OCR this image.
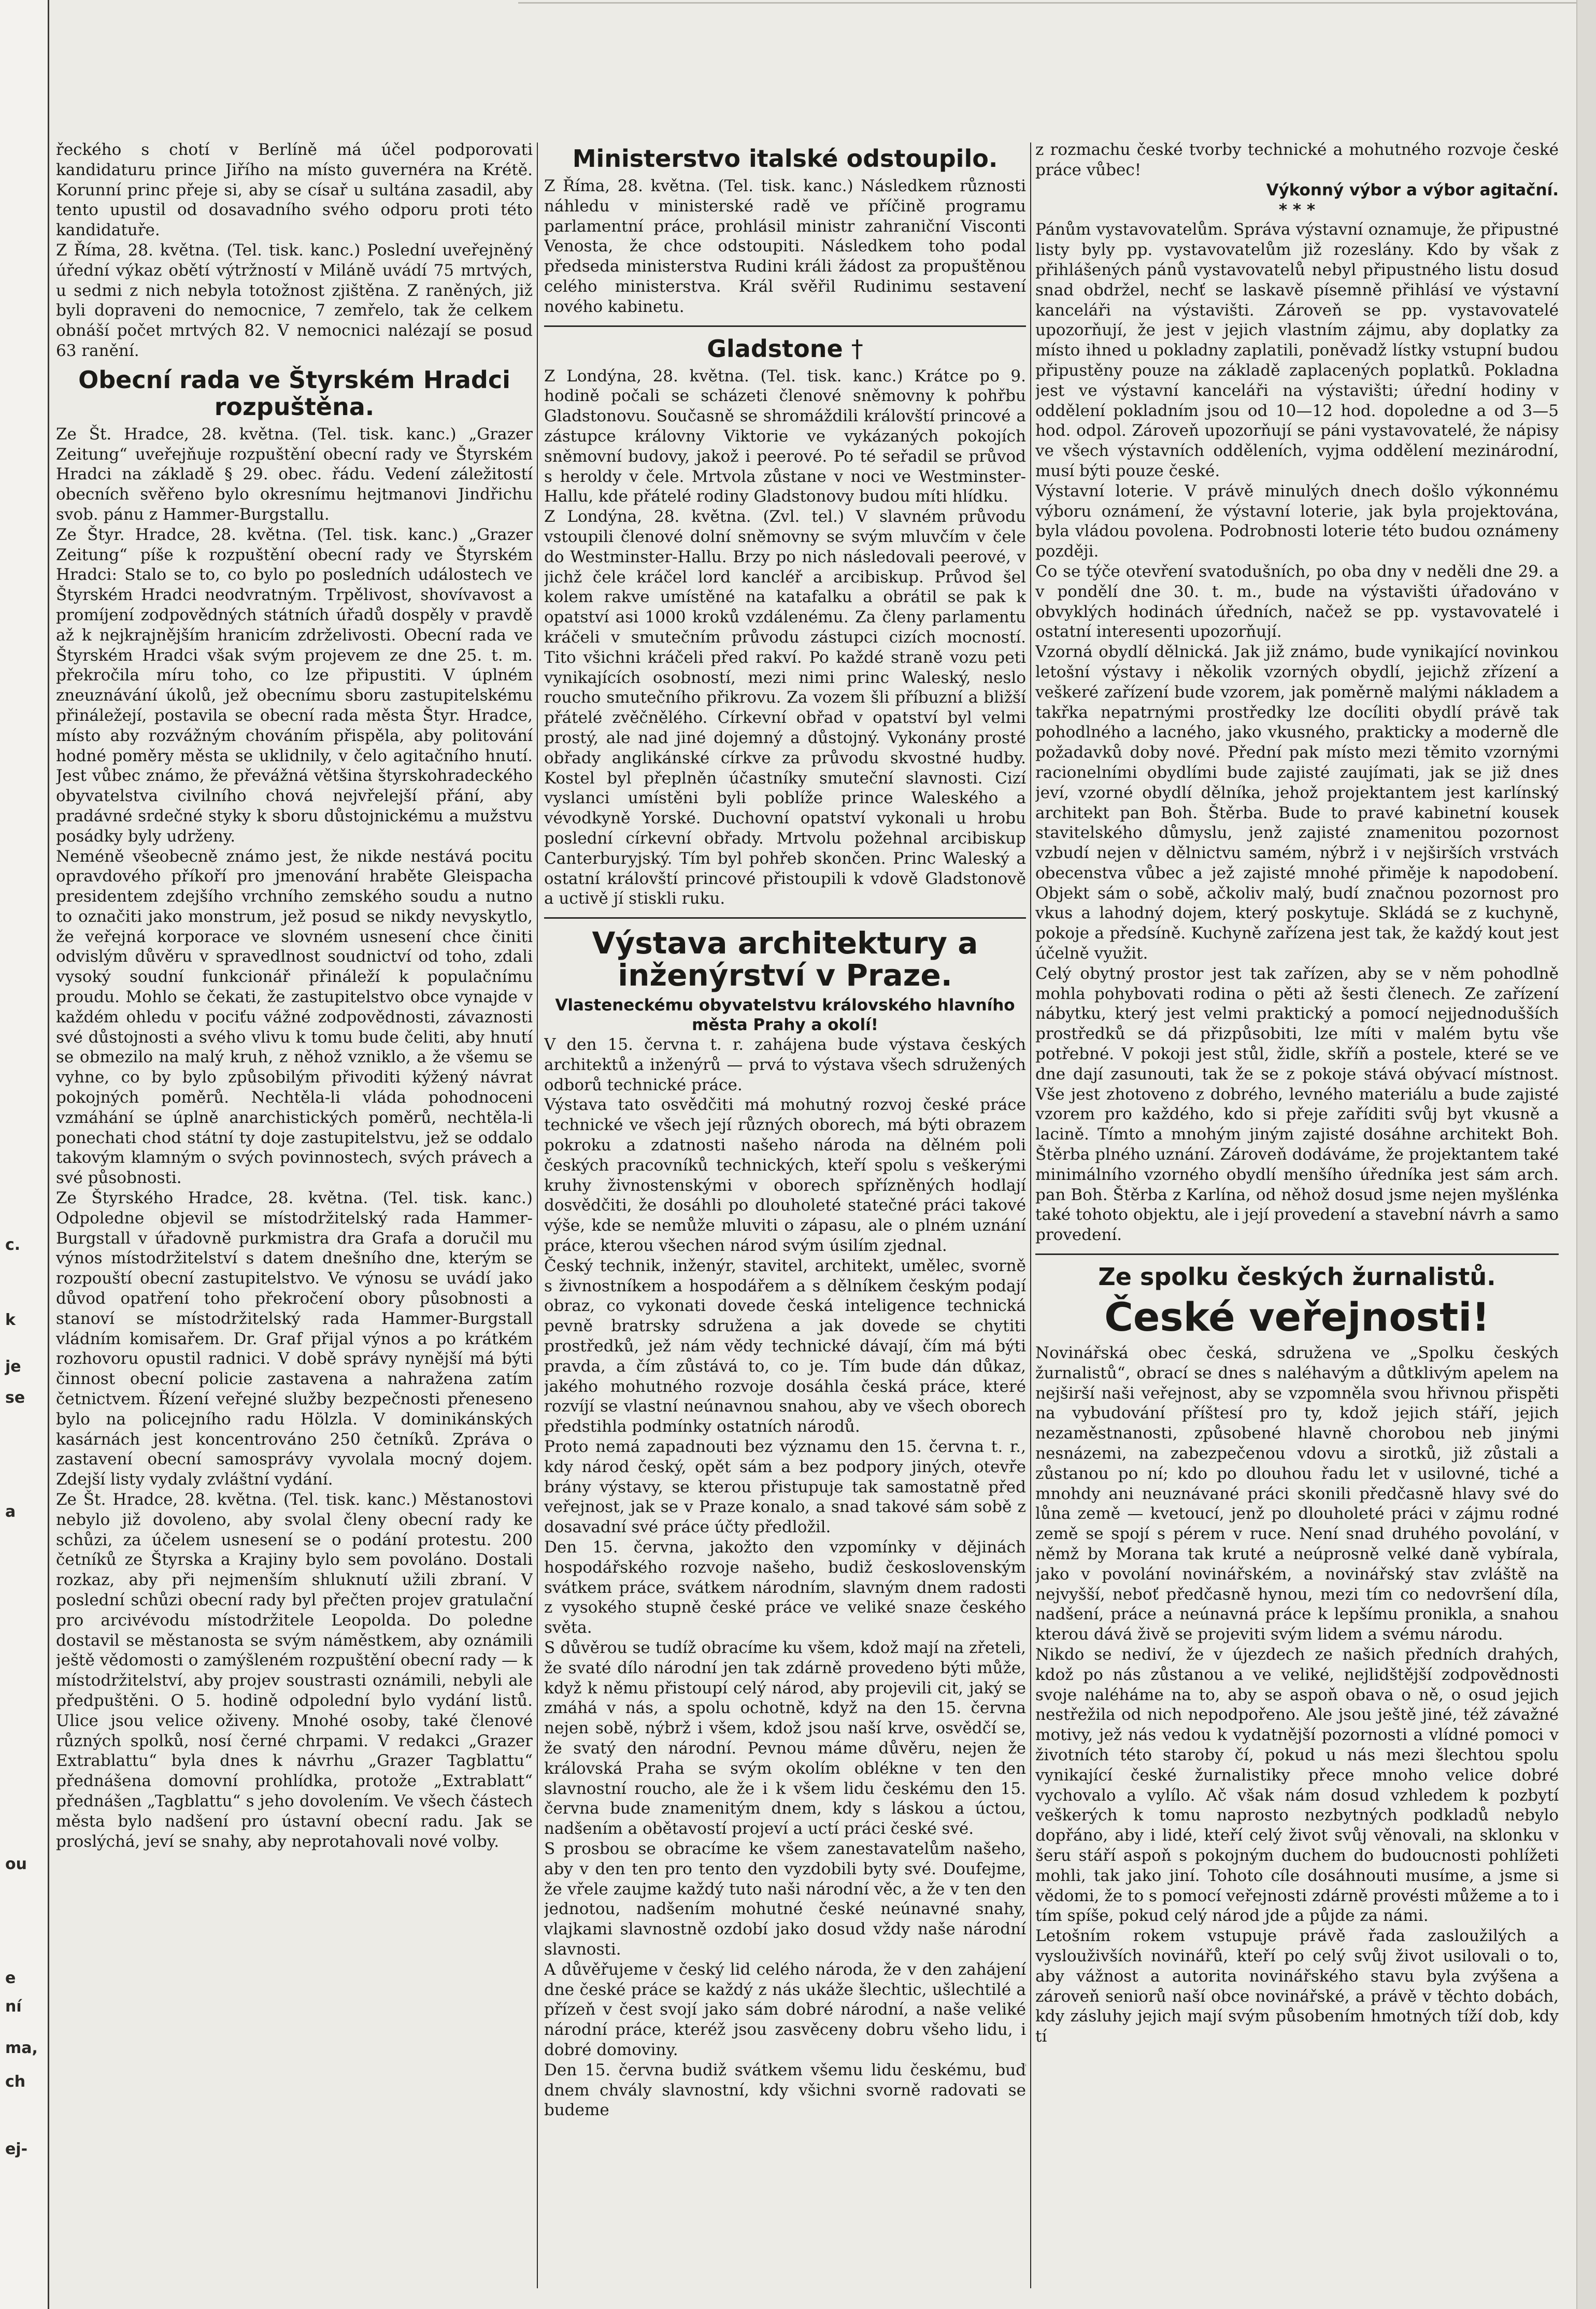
c.
k
je
se
a
ou
e
ní
ma,
ch
ej-

řeckého s chotí v Berlíně má účel podporovati kandidaturu prince Jiřího na místo guvernéra na Krétě. Korunní princ přeje si, aby se císař u sultána zasadil, aby tento upustil od dosavadního svého odporu proti této kandidatuře.

Z Říma, 28. května. (Tel. tisk. kanc.) Poslední uveřejněný úřední výkaz obětí výtržností v Miláně uvádí 75 mrtvých, u sedmi z nich nebyla totožnost zjištěna. Z raněných, již byli dopraveni do nemocnice, 7 zemřelo, tak že celkem obnáší počet mrtvých 82. V nemocnici nalézají se posud 63 ranění.

Obecní rada ve Štyrském Hradci rozpuštěna.

Ze Št. Hradce, 28. května. (Tel. tisk. kanc.) „Grazer Zeitung“ uveřejňuje rozpuštění obecní rady ve Štyrském Hradci na základě § 29. obec. řádu. Vedení záležitostí obecních svěřeno bylo okresnímu hejtmanovi Jindřichu svob. pánu z Hammer-Burgstallu.

Ze Štyr. Hradce, 28. května. (Tel. tisk. kanc.) „Grazer Zeitung“ píše k rozpuštění obecní rady ve Štyrském Hradci: Stalo se to, co bylo po posledních událostech ve Štyrském Hradci neodvratným. Trpělivost, shovívavost a promíjení zodpovědných státních úřadů dospěly v pravdě až k nejkrajnějším hranicím zdrželivosti. Obecní rada ve Štyrském Hradci však svým projevem ze dne 25. t. m. překročila míru toho, co lze připustiti. V úplném zneuznávání úkolů, jež obecnímu sboru zastupitelskému přináležejí, postavila se obecní rada města Štyr. Hradce, místo aby rozvážným chováním přispěla, aby politování hodné poměry města se uklidnily, v čelo agitačního hnutí. Jest vůbec známo, že převážná většina štyrskohradeckého obyvatelstva civilního chová nejvřelejší přání, aby pradávné srdečné styky k sboru důstojnickému a mužstvu posádky byly udrženy.

Neméně všeobecně známo jest, že nikde nestává pocitu opravdového příkoří pro jmenování hraběte Gleispacha presidentem zdejšího vrchního zemského soudu a nutno to označiti jako monstrum, jež posud se nikdy nevyskytlo, že veřejná korporace ve slovném usnesení chce činiti odvislým důvěru v spravedlnost soudnictví od toho, zdali vysoký soudní funkcionář přináleží k populačnímu proudu. Mohlo se čekati, že zastupitelstvo obce vynajde v každém ohledu v pociťu vážné zodpovědnosti, závaznosti své důstojnosti a svého vlivu k tomu bude čeliti, aby hnutí se obmezilo na malý kruh, z něhož vzniklo, a že všemu se vyhne, co by bylo způsobilým přivoditi kýžený návrat pokojných poměrů. Nechtěla-li vláda pohodnoceni vzmáhání se úplně anarchistických poměrů, nechtěla-li ponechati chod státní ty doje zastupitelstvu, jež se oddalo takovým klamným o svých povinnostech, svých právech a své působnosti.

Ze Štyrského Hradce, 28. května. (Tel. tisk. kanc.) Odpoledne objevil se místodržitelský rada Hammer-Burgstall v úřadovně purkmistra dra Grafa a doručil mu výnos místodržitelství s datem dnešního dne, kterým se rozpouští obecní zastupitelstvo. Ve výnosu se uvádí jako důvod opatření toho překročení obory působnosti a stanoví se místodržitelský rada Hammer-Burgstall vládním komisařem. Dr. Graf přijal výnos a po krátkém rozhovoru opustil radnici. V době správy nynější má býti činnost obecní policie zastavena a nahražena zatím četnictvem. Řízení veřejné služby bezpečnosti přeneseno bylo na policejního radu Hölzla. V dominikánských kasárnách jest koncentrováno 250 četníků. Zpráva o zastavení obecní samosprávy vyvolala mocný dojem. Zdejší listy vydaly zvláštní vydání.

Ze Št. Hradce, 28. května. (Tel. tisk. kanc.) Městanostovi nebylo již dovoleno, aby svolal členy obecní rady ke schůzi, za účelem usnesení se o podání protestu. 200 četníků ze Štyrska a Krajiny bylo sem povoláno. Dostali rozkaz, aby při nejmenším shluknutí užili zbraní. V poslední schůzi obecní rady byl přečten projev gratulační pro arcivévodu místodržitele Leopolda. Do poledne dostavil se městanosta se svým náměstkem, aby oznámili ještě vědomosti o zamýšleném rozpuštění obecní rady — k místodržitelství, aby projev soustrasti oznámili, nebyli ale předpuštěni. O 5. hodině odpolední bylo vydání listů. Ulice jsou velice oživeny. Mnohé osoby, také členové různých spolků, nosí černé chrpami. V redakci „Grazer Extrablattu“ byla dnes k návrhu „Grazer Tagblattu“ přednášena domovní prohlídka, protože „Extrablatt“ přednášen „Tagblattu“ s jeho dovolením. Ve všech částech města bylo nadšení pro ústavní obecní radu. Jak se proslýchá, jeví se snahy, aby neprotahovali nové volby.

Ministerstvo italské odstoupilo.

Z Říma, 28. května. (Tel. tisk. kanc.) Následkem různosti náhledu v ministerské radě ve příčině programu parlamentní práce, prohlásil ministr zahraniční Visconti Venosta, že chce odstoupiti. Následkem toho podal předseda ministerstva Rudini králi žádost za propuštěnou celého ministerstva. Král svěřil Rudinimu sestavení nového kabinetu.

Gladstone †

Z Londýna, 28. května. (Tel. tisk. kanc.) Krátce po 9. hodině počali se scházeti členové sněmovny k pohřbu Gladstonovu. Současně se shromáždili královští princové a zástupce královny Viktorie ve vykázaných pokojích sněmovní budovy, jakož i peerové. Po té seřadil se průvod s heroldy v čele. Mrtvola zůstane v noci ve Westminster-Hallu, kde přátelé rodiny Gladstonovy budou míti hlídku.

Z Londýna, 28. května. (Zvl. tel.) V slavném průvodu vstoupili členové dolní sněmovny se svým mluvčím v čele do Westminster-Hallu. Brzy po nich následovali peerové, v jichž čele kráčel lord kancléř a arcibiskup. Průvod šel kolem rakve umístěné na katafalku a obrátil se pak k opatství asi 1000 kroků vzdálenému. Za členy parlamentu kráčeli v smutečním průvodu zástupci cizích mocností. Tito všichni kráčeli před rakví. Po každé straně vozu peti vynikajících osobností, mezi nimi princ Waleský, neslo roucho smutečního přikrovu. Za vozem šli příbuzní a bližší přátelé zvěčnělého. Církevní obřad v opatství byl velmi prostý, ale nad jiné dojemný a důstojný. Vykonány prosté obřady anglikánské církve za průvodu skvostné hudby. Kostel byl přeplněn účastníky smuteční slavnosti. Cizí vyslanci umístěni byli poblíže prince Waleského a vévodkyně Yorské. Duchovní opatství vykonali u hrobu poslední církevní obřady. Mrtvolu požehnal arcibiskup Canterburyjský. Tím byl pohřeb skončen. Princ Waleský a ostatní královští princové přistoupili k vdově Gladstonově a uctivě jí stiskli ruku.

Výstava architektury a inženýrství v Praze.
Vlasteneckému obyvatelstvu královského hlavního města Prahy a okolí!

V den 15. června t. r. zahájena bude výstava českých architektů a inženýrů — prvá to výstava všech sdružených odborů technické práce.

Výstava tato osvědčiti má mohutný rozvoj české práce technické ve všech její různých oborech, má býti obrazem pokroku a zdatnosti našeho národa na dělném poli českých pracovníků technických, kteří spolu s veškerými kruhy živnostenskými v oborech spřízněných hodlají dosvědčiti, že dosáhli po dlouholeté statečné práci takové výše, kde se nemůže mluviti o zápasu, ale o plném uznání práce, kterou všechen národ svým úsilím zjednal.

Český technik, inženýr, stavitel, architekt, umělec, svorně s živnostníkem a hospodářem a s dělníkem českým podají obraz, co vykonati dovede česká inteligence technická pevně bratrsky sdružena a jak dovede se chytiti prostředků, jež nám vědy technické dávají, čím má býti pravda, a čím zůstává to, co je. Tím bude dán důkaz, jakého mohutného rozvoje dosáhla česká práce, které rozvíjí se vlastní neúnavnou snahou, aby ve všech oborech předstihla podmínky ostatních národů.

Proto nemá zapadnouti bez významu den 15. června t. r., kdy národ český, opět sám a bez podpory jiných, otevře brány výstavy, se kterou přistupuje tak samostatně před veřejnost, jak se v Praze konalo, a snad takové sám sobě z dosavadní své práce účty předložil.

Den 15. června, jakožto den vzpomínky v dějinách hospodářského rozvoje našeho, budiž československým svátkem práce, svátkem národním, slavným dnem radosti z vysokého stupně české práce ve veliké snaze českého světa.

S důvěrou se tudíž obracíme ku všem, kdož mají na zřeteli, že svaté dílo národní jen tak zdárně provedeno býti může, když k němu přistoupí celý národ, aby projevili cit, jaký se zmáhá v nás, a spolu ochotně, když na den 15. června nejen sobě, nýbrž i všem, kdož jsou naší krve, osvědčí se, že svatý den národní. Pevnou máme důvěru, nejen že královská Praha se svým okolím oblékne v ten den slavnostní roucho, ale že i k všem lidu českému den 15. června bude znamenitým dnem, kdy s láskou a úctou, nadšením a obětavostí projeví a uctí práci české své.

S prosbou se obracíme ke všem zanestavatelům našeho, aby v den ten pro tento den vyzdobili byty své. Doufejme, že vřele zaujme každý tuto naši národní věc, a že v ten den jednotou, nadšením mohutné české neúnavné snahy, vlajkami slavnostně ozdobí jako dosud vždy naše národní slavnosti.

A důvěřujeme v český lid celého národa, že v den zahájení dne české práce se každý z nás ukáže šlechtic, ušlechtilé a přízeň v čest svojí jako sám dobré národní, a naše veliké národní práce, kteréž jsou zasvěceny dobru všeho lidu, i dobré domoviny.

Den 15. června budiž svátkem všemu lidu českému, buď dnem chvály slavnostní, kdy všichni svorně radovati se budeme

z rozmachu české tvorby technické a mohutného rozvoje české práce vůbec!

Výkonný výbor a výbor agitační.

* * *

Pánům vystavovatelům. Správa výstavní oznamuje, že připustné listy byly pp. vystavovatelům již rozeslány. Kdo by však z přihlášených pánů vystavovatelů nebyl připustného listu dosud snad obdržel, nechť se laskavě písemně přihlásí ve výstavní kanceláři na výstavišti. Zároveň se pp. vystavovatelé upozorňují, že jest v jejich vlastním zájmu, aby doplatky za místo ihned u pokladny zaplatili, poněvadž lístky vstupní budou připustěny pouze na základě zaplacených poplatků. Pokladna jest ve výstavní kanceláři na výstavišti; úřední hodiny v oddělení pokladním jsou od 10—12 hod. dopoledne a od 3—5 hod. odpol. Zároveň upozorňují se páni vystavovatelé, že nápisy ve všech výstavních odděleních, vyjma oddělení mezinárodní, musí býti pouze české.

Výstavní loterie. V právě minulých dnech došlo výkonnému výboru oznámení, že výstavní loterie, jak byla projektována, byla vládou povolena. Podrobnosti loterie této budou oznámeny později.

Co se týče otevření svatodušních, po oba dny v neděli dne 29. a v pondělí dne 30. t. m., bude na výstavišti úřadováno v obvyklých hodinách úředních, načež se pp. vystavovatelé i ostatní interesenti upozorňují.

Vzorná obydlí dělnická. Jak již známo, bude vynikající novinkou letošní výstavy i několik vzorných obydlí, jejichž zřízení a veškeré zařízení bude vzorem, jak poměrně malými nákladem a takřka nepatrnými prostředky lze docíliti obydlí právě tak pohodlného a lacného, jako vkusného, prakticky a moderně dle požadavků doby nové. Přední pak místo mezi těmito vzornými racionelními obydlími bude zajisté zaujímati, jak se již dnes jeví, vzorné obydlí dělníka, jehož projektantem jest karlínský architekt pan Boh. Štěrba. Bude to pravé kabinetní kousek stavitelského důmyslu, jenž zajisté znamenitou pozornost vzbudí nejen v dělnictvu samém, nýbrž i v nejširších vrstvách obecenstva vůbec a jež zajisté mnohé přiměje k napodobení. Objekt sám o sobě, ačkoliv malý, budí značnou pozornost pro vkus a lahodný dojem, který poskytuje. Skládá se z kuchyně, pokoje a předsíně. Kuchyně zařízena jest tak, že každý kout jest účelně využit.

Celý obytný prostor jest tak zařízen, aby se v něm pohodlně mohla pohybovati rodina o pěti až šesti členech. Ze zařízení nábytku, který jest velmi praktický a pomocí nejjednodušších prostředků se dá přizpůsobiti, lze míti v malém bytu vše potřebné. V pokoji jest stůl, židle, skříň a postele, které se ve dne dají zasunouti, tak že se z pokoje stává obývací místnost. Vše jest zhotoveno z dobrého, levného materiálu a bude zajisté vzorem pro každého, kdo si přeje zaříditi svůj byt vkusně a lacině. Tímto a mnohým jiným zajisté dosáhne architekt Boh. Štěrba plného uznání. Zároveň dodáváme, že projektantem také minimálního vzorného obydlí menšího úředníka jest sám arch. pan Boh. Štěrba z Karlína, od něhož dosud jsme nejen myšlénka také tohoto objektu, ale i její provedení a stavební návrh a samo provedení.

Ze spolku českých žurnalistů.
České veřejnosti!

Novinářská obec česká, sdružena ve „Spolku českých žurnalistů“, obrací se dnes s naléhavým a důtklivým apelem na nejširší naši veřejnost, aby se vzpomněla svou hřivnou přispěti na vybudování příštesí pro ty, kdož jejich stáří, jejich nezaměstnanosti, způsobené hlavně chorobou neb jinými nesnázemi, na zabezpečenou vdovu a sirotků, již zůstali a zůstanou po ní; kdo po dlouhou řadu let v usilovné, tiché a mnohdy ani neuznávané práci skonili předčasně hlavy své do lůna země — kvetoucí, jenž po dlouholeté práci v zájmu rodné země se spojí s pérem v ruce. Není snad druhého povolání, v němž by Morana tak kruté a neúprosně velké daně vybírala, jako v povolání novinářském, a novinářský stav zvláště na nejvyšší, neboť předčasně hynou, mezi tím co nedovršení díla, nadšení, práce a neúnavná práce k lepšímu pronikla, a snahou kterou dává živě se projeviti svým lidem a svému národu.

Nikdo se nediví, že v újezdech ze našich předních drahých, kdož po nás zůstanou a ve veliké, nejlidštější zodpovědnosti svoje naléháme na to, aby se aspoň obava o ně, o osud jejich nestřežila od nich nepodpořeno. Ale jsou ještě jiné, též závažné motivy, jež nás vedou k vydatnější pozornosti a vlídné pomoci v životních této staroby čí, pokud u nás mezi šlechtou spolu vynikající české žurnalistiky přece mnoho velice dobré vychovalo a vylílo. Ač však nám dosud vzhledem k pozbytí veškerých k tomu naprosto nezbytných podkladů nebylo dopřáno, aby i lidé, kteří celý život svůj věnovali, na sklonku v šeru stáří aspoň s pokojným duchem do budoucnosti pohlížeti mohli, tak jako jiní. Tohoto cíle dosáhnouti musíme, a jsme si vědomi, že to s pomocí veřejnosti zdárně provésti můžeme a to i tím spíše, pokud celý národ jde a půjde za námi.

Letošním rokem vstupuje právě řada zasloužilých a vyslouživších novinářů, kteří po celý svůj život usilovali o to, aby vážnost a autorita novinářského stavu byla zvýšena a zároveň seniorů naší obce novinářské, a právě v těchto dobách, kdy zásluhy jejich mají svým působením hmotných tíží dob, kdy tí
